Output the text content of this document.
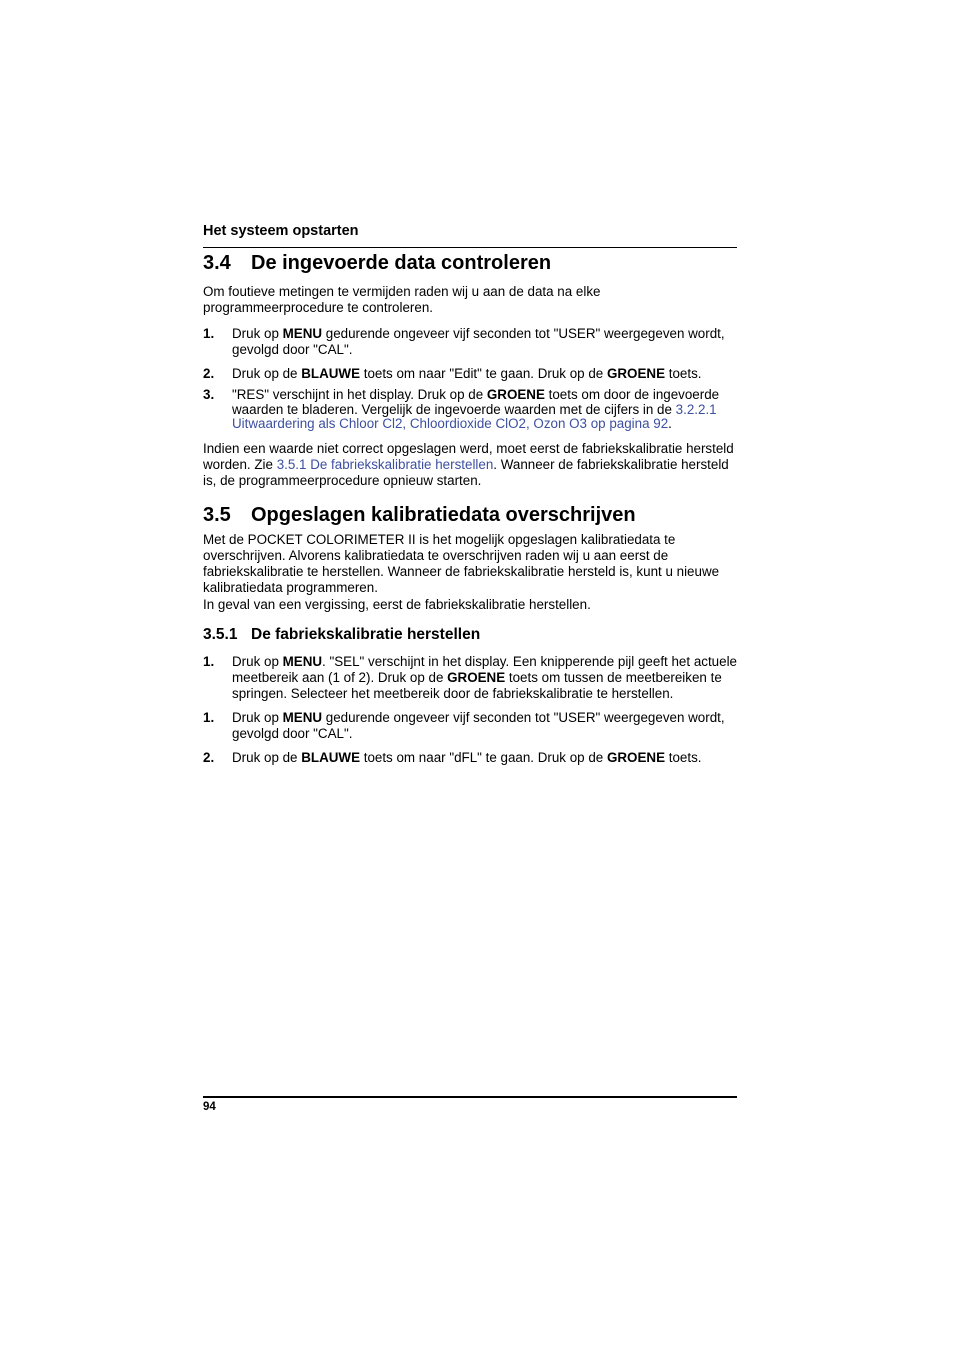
Het systeem opstarten
3.4	De ingevoerde data controleren

Om foutieve metingen te vermijden raden wij u aan de data na elke programmeerprocedure te controleren.

1.	Druk op MENU gedurende ongeveer vijf seconden tot "USER" weergegeven wordt, gevolgd door "CAL".
2.	Druk op de BLAUWE toets om naar "Edit" te gaan. Druk op de GROENE toets.
3.	"RES" verschijnt in het display. Druk op de GROENE toets om door de ingevoerde waarden te bladeren. Vergelijk de ingevoerde waarden met de cijfers in de 3.2.2.1 Uitwaardering als Chloor Cl2, Chloordioxide ClO2, Ozon O3 op pagina 92.

Indien een waarde niet correct opgeslagen werd, moet eerst de fabriekskalibratie hersteld worden. Zie 3.5.1 De fabriekskalibratie herstellen. Wanneer de fabriekskalibratie hersteld is, de programmeerprocedure opnieuw starten.

3.5	Opgeslagen kalibratiedata overschrijven

Met de POCKET COLORIMETER II is het mogelijk opgeslagen kalibratiedata te overschrijven. Alvorens kalibratiedata te overschrijven raden wij u aan eerst de fabriekskalibratie te herstellen. Wanneer de fabriekskalibratie hersteld is, kunt u nieuwe kalibratiedata programmeren.

In geval van een vergissing, eerst de fabriekskalibratie herstellen.

3.5.1 De fabriekskalibratie herstellen
1.	Druk op MENU. "SEL" verschijnt in het display. Een knipperende pijl geeft het actuele meetbereik aan (1 of 2). Druk op de GROENE toets om tussen de meetbereiken te springen. Selecteer het meetbereik door de fabriekskalibratie te herstellen.
1.	Druk op MENU gedurende ongeveer vijf seconden tot "USER" weergegeven wordt, gevolgd door "CAL".
2.	Druk op de BLAUWE toets om naar "dFL" te gaan. Druk op de GROENE toets.
94
